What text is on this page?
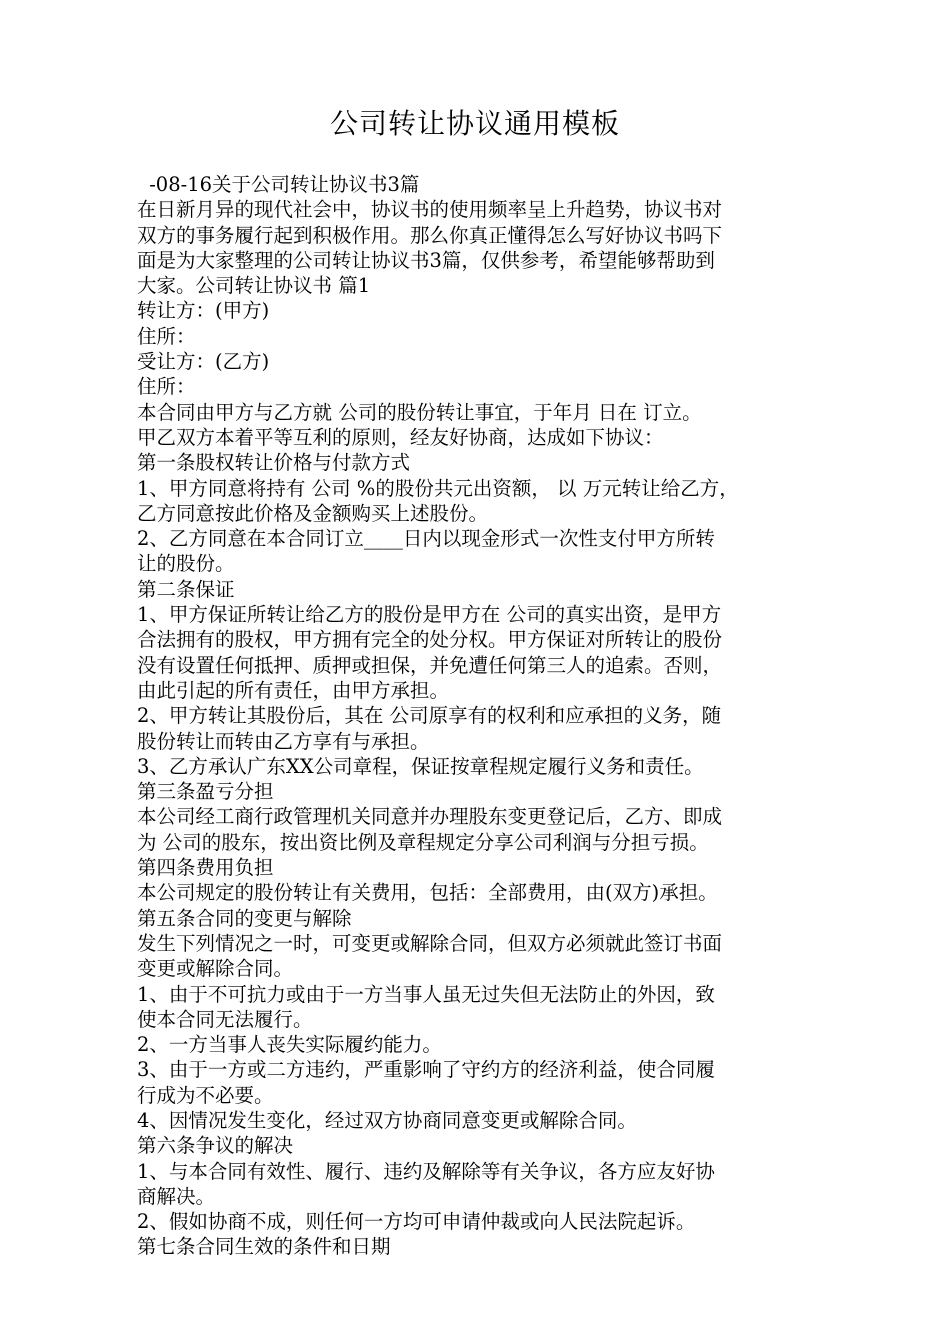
公司转让协议通用模板
-08-16关于公司转让协议书3篇
在日新月异的现代社会中，协议书的使用频率呈上升趋势，协议书对
双方的事务履行起到积极作用。那么你真正懂得怎么写好协议书吗下
面是为大家整理的公司转让协议书3篇，仅供参考，希望能够帮助到
大家。公司转让协议书 篇1
转让方：(甲方)
住所：
受让方：(乙方)
住所：
本合同由甲方与乙方就 公司的股份转让事宜，于年月 日在 订立。
甲乙双方本着平等互利的原则，经友好协商，达成如下协议：
第一条股权转让价格与付款方式
1、甲方同意将持有 公司 %的股份共元出资额， 以 万元转让给乙方，
乙方同意按此价格及金额购买上述股份。
2、乙方同意在本合同订立____日内以现金形式一次性支付甲方所转
让的股份。
第二条保证
1、甲方保证所转让给乙方的股份是甲方在 公司的真实出资，是甲方
合法拥有的股权，甲方拥有完全的处分权。甲方保证对所转让的股份
没有设置任何抵押、质押或担保，并免遭任何第三人的追索。否则，
由此引起的所有责任，由甲方承担。
2、甲方转让其股份后，其在 公司原享有的权利和应承担的义务，随
股份转让而转由乙方享有与承担。
3、乙方承认广东XX公司章程，保证按章程规定履行义务和责任。
第三条盈亏分担
本公司经工商行政管理机关同意并办理股东变更登记后，乙方、即成
为 公司的股东，按出资比例及章程规定分享公司利润与分担亏损。
第四条费用负担
本公司规定的股份转让有关费用，包括：全部费用，由(双方)承担。
第五条合同的变更与解除
发生下列情况之一时，可变更或解除合同，但双方必须就此签订书面
变更或解除合同。
1、由于不可抗力或由于一方当事人虽无过失但无法防止的外因，致
使本合同无法履行。
2、一方当事人丧失实际履约能力。
3、由于一方或二方违约，严重影响了守约方的经济利益，使合同履
行成为不必要。
4、因情况发生变化，经过双方协商同意变更或解除合同。
第六条争议的解决
1、与本合同有效性、履行、违约及解除等有关争议，各方应友好协
商解决。
2、假如协商不成，则任何一方均可申请仲裁或向人民法院起诉。
第七条合同生效的条件和日期
